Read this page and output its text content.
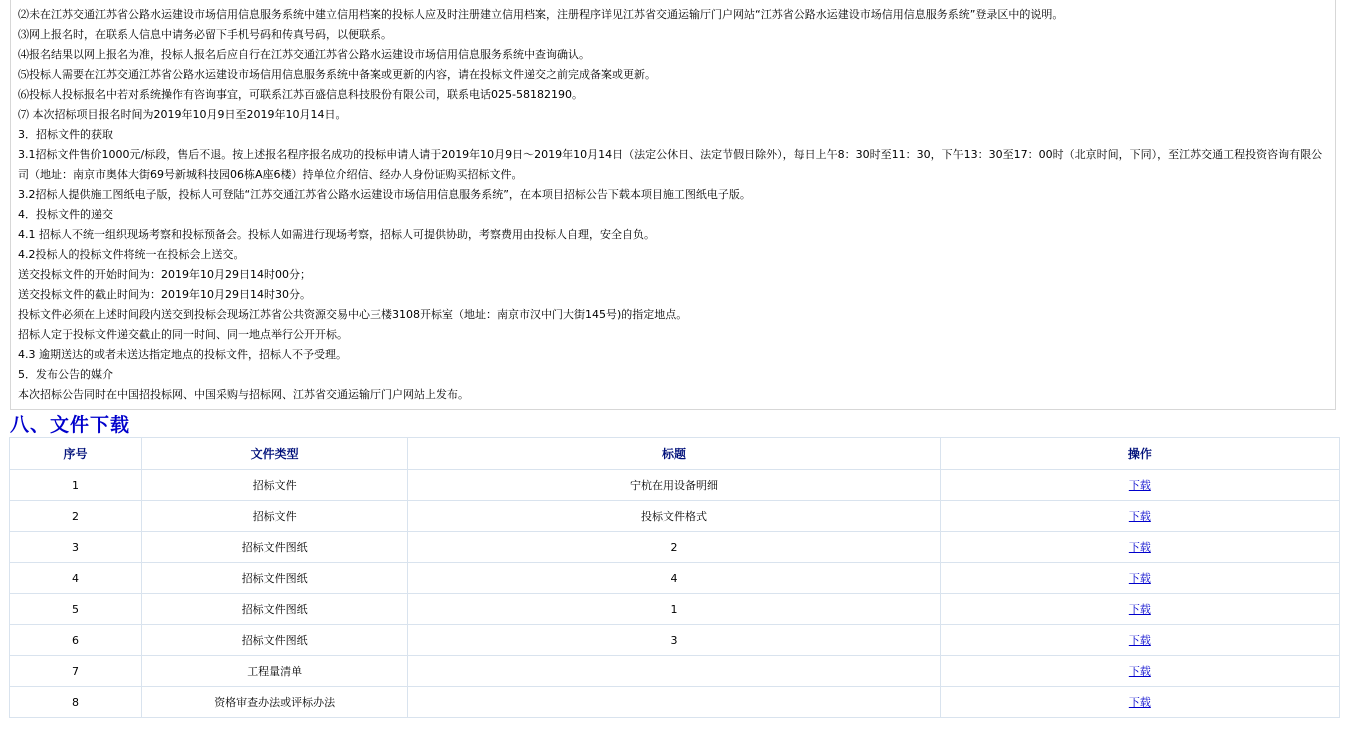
⑵未在江苏交通江苏省公路水运建设市场信用信息服务系统中建立信用档案的投标人应及时注册建立信用档案，注册程序详见江苏省交通运输厅门户网站“江苏省公路水运建设市场信用信息服务系统”登录区中的说明。
⑶网上报名时，在联系人信息中请务必留下手机号码和传真号码，以便联系。
⑷报名结果以网上报名为准，投标人报名后应自行在江苏交通江苏省公路水运建设市场信用信息服务系统中查询确认。
⑸投标人需要在江苏交通江苏省公路水运建设市场信用信息服务系统中备案或更新的内容，请在投标文件递交之前完成备案或更新。
⑹投标人投标报名中若对系统操作有咨询事宜，可联系江苏百盛信息科技股份有限公司，联系电话025-58182190。
⑺ 本次招标项目报名时间为2019年10月9日至2019年10月14日。
3．招标文件的获取
3.1招标文件售价1000元/标段，售后不退。按上述报名程序报名成功的投标申请人请于2019年10月9日～2019年10月14日（法定公休日、法定节假日除外），每日上午8：30时至11：30，下午13：30至17：00时（北京时间，下同），至江苏交通工程投资咨询有限公司（地址：南京市奥体大街69号新城科技园06栋A座6楼）持单位介绍信、经办人身份证购买招标文件。
3.2招标人提供施工图纸电子版，投标人可登陆“江苏交通江苏省公路水运建设市场信用信息服务系统”，在本项目招标公告下载本项目施工图纸电子版。
4．投标文件的递交
4.1 招标人不统一组织现场考察和投标预备会。投标人如需进行现场考察，招标人可提供协助，考察费用由投标人自理，安全自负。
4.2投标人的投标文件将统一在投标会上送交。
送交投标文件的开始时间为：2019年10月29日14时00分；
送交投标文件的截止时间为：2019年10月29日14时30分。
投标文件必须在上述时间段内送交到投标会现场江苏省公共资源交易中心三楼3108开标室（地址：南京市汉中门大街145号)的指定地点。
招标人定于投标文件递交截止的同一时间、同一地点举行公开开标。
4.3 逾期送达的或者未送达指定地点的投标文件，招标人不予受理。
5．发布公告的媒介
本次招标公告同时在中国招投标网、中国采购与招标网、江苏省交通运输厅门户网站上发布。
八、文件下载
序号	文件类型	标题	操作
1	招标文件	宁杭在用设备明细	下载
2	招标文件	投标文件格式	下载
3	招标文件图纸	2	下载
4	招标文件图纸	4	下载
5	招标文件图纸	1	下载
6	招标文件图纸	3	下载
7	工程量清单		下载
8	资格审查办法或评标办法		下载
